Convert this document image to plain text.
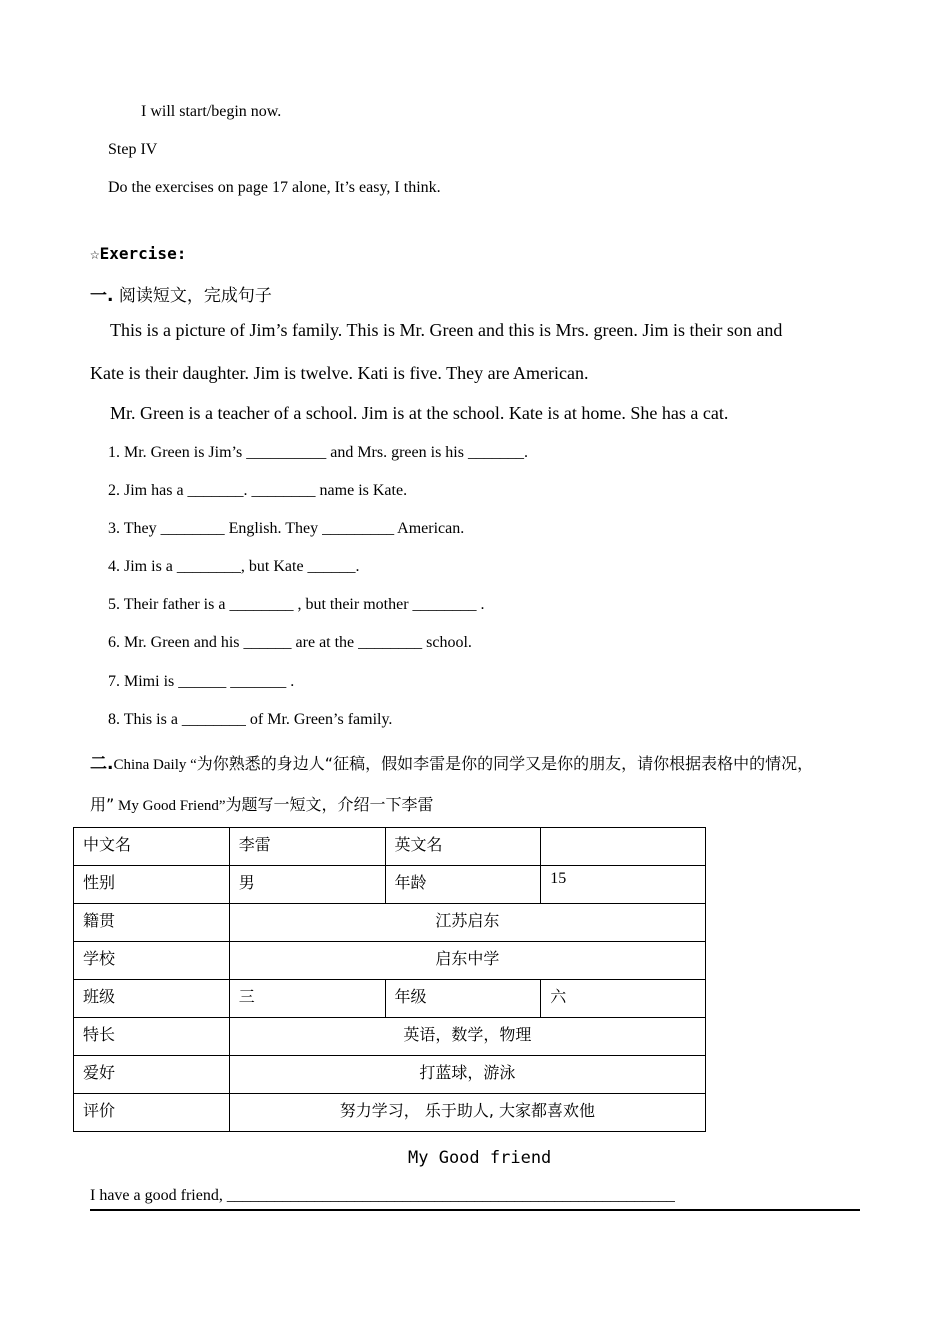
I will start/begin now.
Step IV
Do the exercises on page 17 alone, It’s easy, I think.
☆Exercise:
一. 阅读短文，完成句子
This is a picture of Jim’s family. This is Mr. Green and this is Mrs. green. Jim is their son and
Kate is their daughter. Jim is twelve. Kati is five. They are American.
Mr. Green is a teacher of a school. Jim is at the school. Kate is at home. She has a cat.
1. Mr. Green is Jim’s __________ and Mrs. green is his _______.
2. Jim has a _______. ________ name is Kate.
3. They ________ English. They _________ American.
4. Jim is a ________, but Kate ______.
5. Their father is a ________ , but their mother ________ .
6. Mr. Green and his ______ are at the ________ school.
7. Mimi is ______ _______ .
8. This is a ________ of Mr. Green’s family.
二.China Daily “为你熟悉的身边人“征稿，假如李雷是你的同学又是你的朋友，请你根据表格中的情况，
用” My Good Friend”为题写一短文，介绍一下李雷
中文名	李雷	英文名	
性别	男	年龄	15
籍贯	江苏启东		
学校	启东中学		
班级	三	年级	六
特长	英语，数学，物理		
爱好	打蓝球，游泳		
评价	努力学习， 乐于助人, 大家都喜欢他		
My Good friend
I have a good friend, ________________________________________________________
